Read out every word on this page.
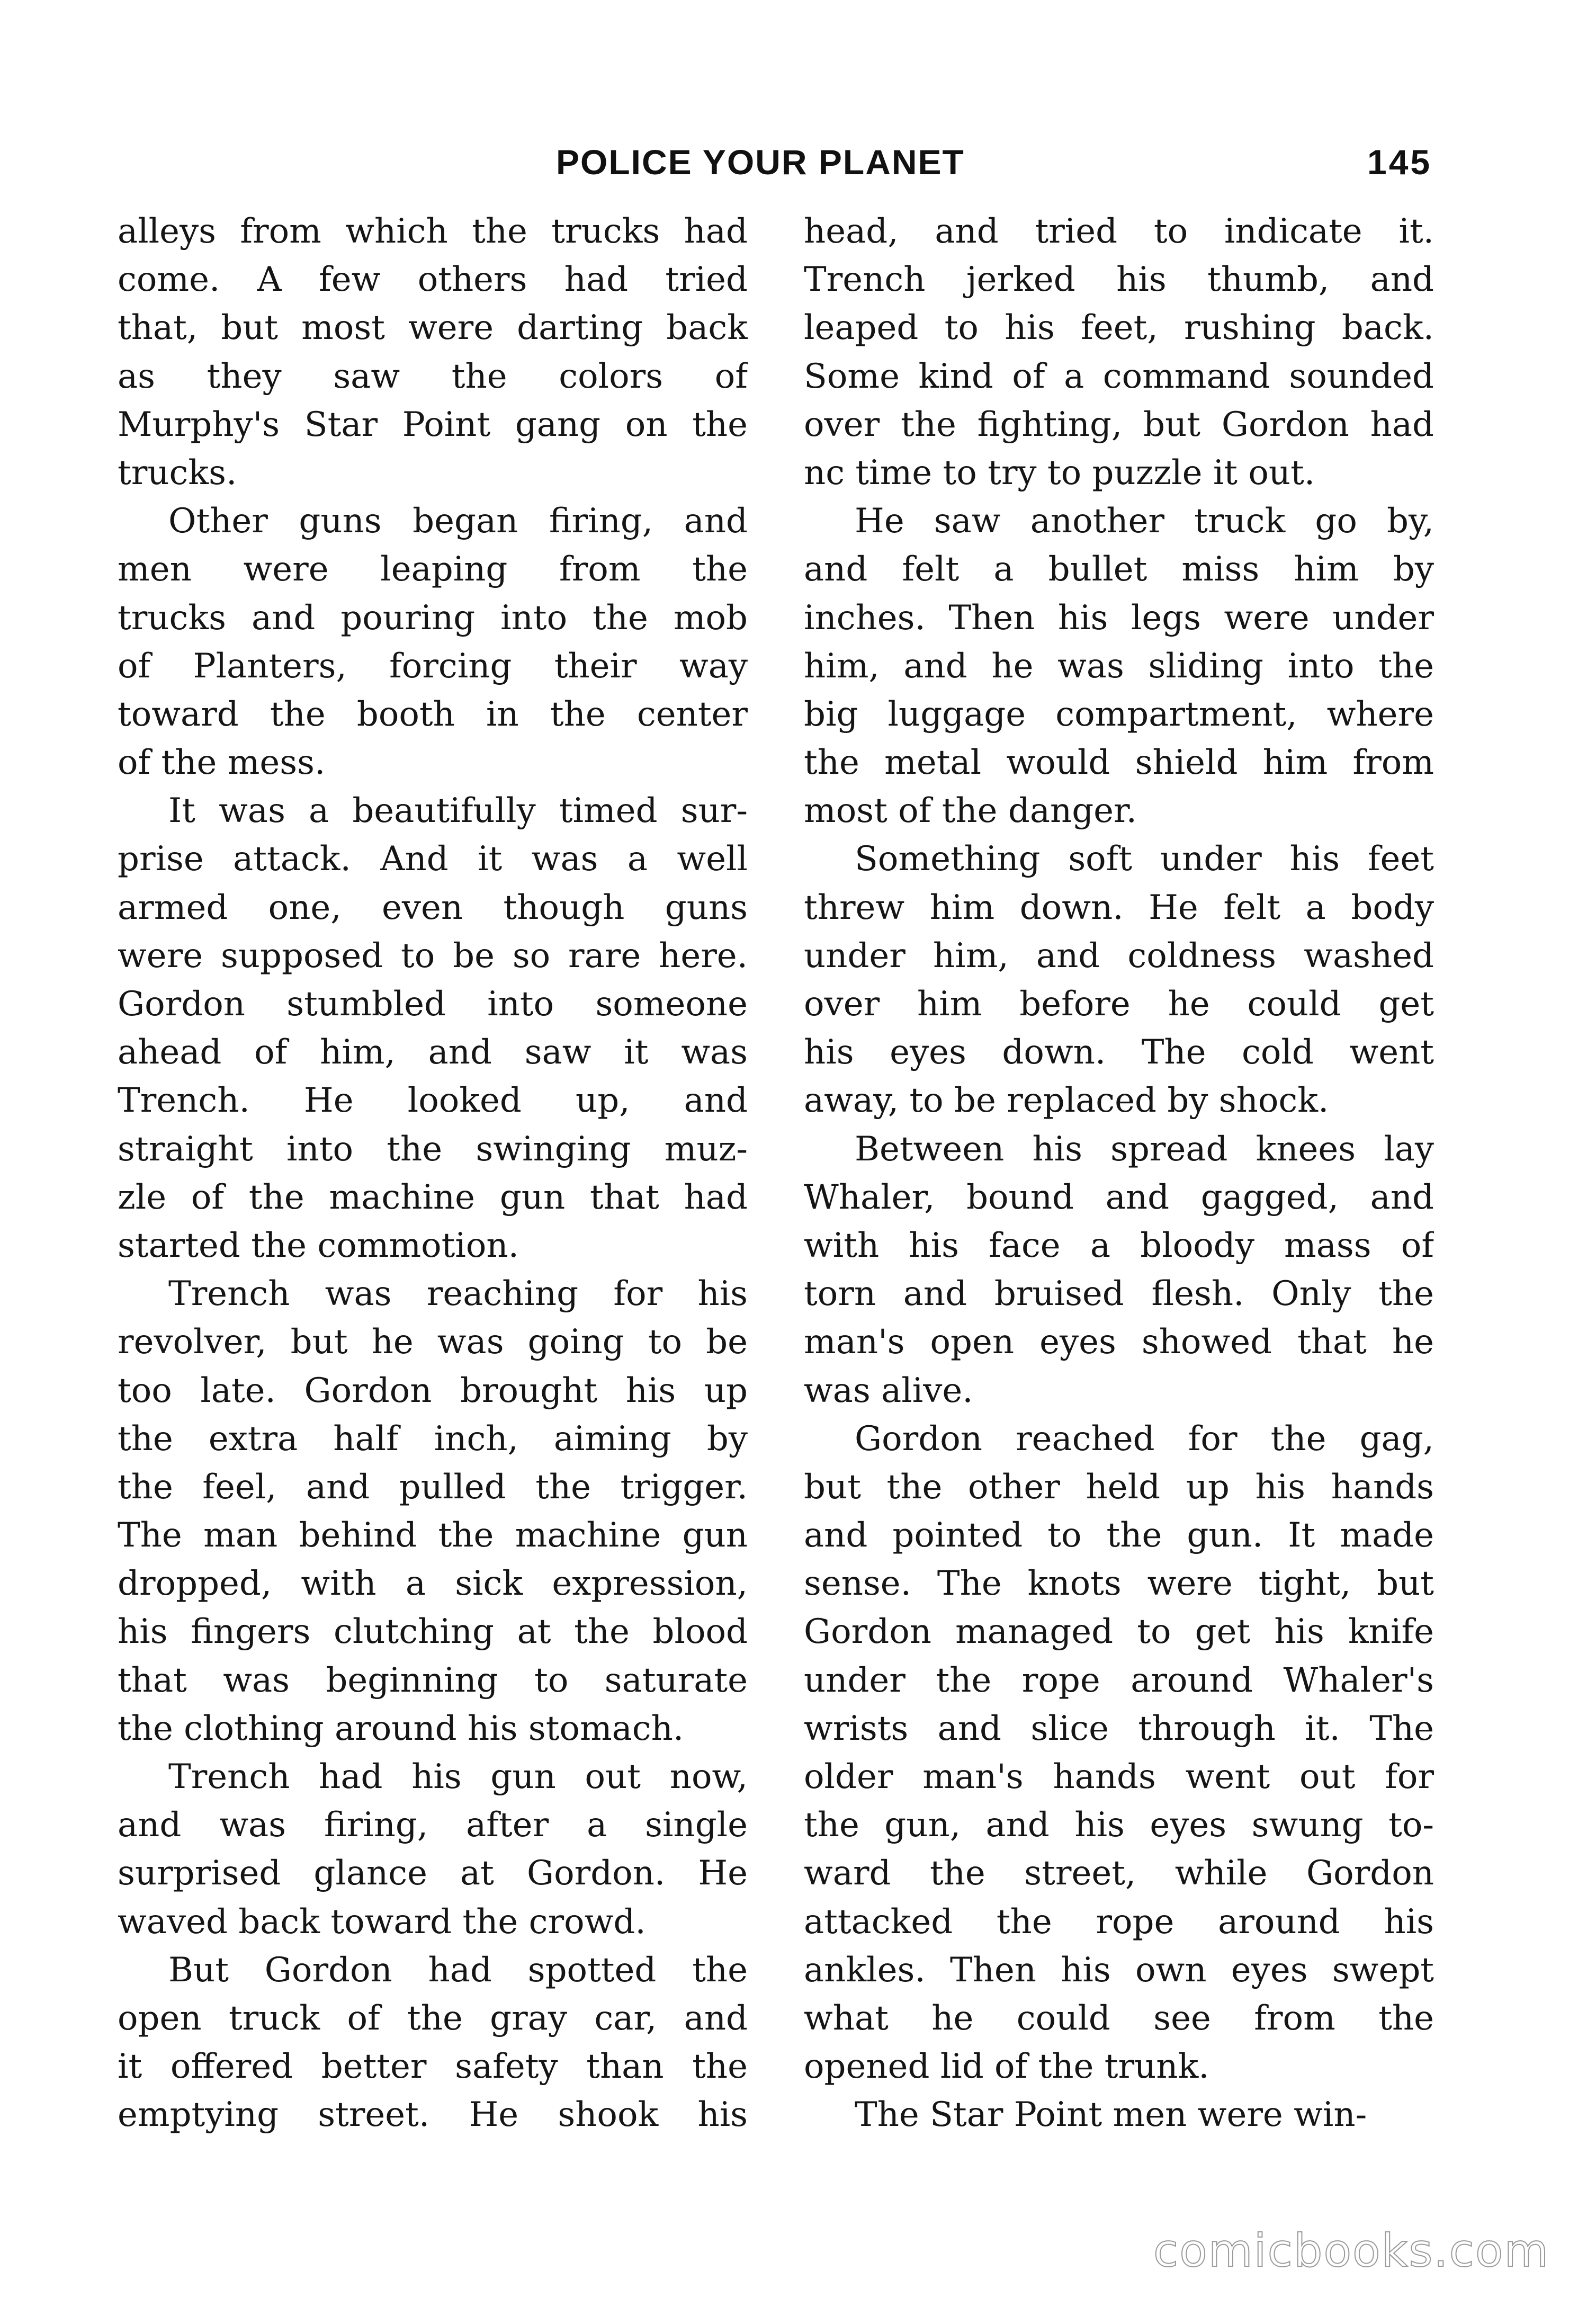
POLICE YOUR PLANET	145
alleys from which the trucks had
come. A few others had tried
that, but most were darting back
as they saw the colors of
Murphy's Star Point gang on the
trucks.
Other guns began firing, and
men were leaping from the
trucks and pouring into the mob
of Planters, forcing their way
toward the booth in the center
of the mess.
It was a beautifully timed sur-
prise attack. And it was a well
armed one, even though guns
were supposed to be so rare here.
Gordon stumbled into someone
ahead of him, and saw it was
Trench. He looked up, and
straight into the swinging muz-
zle of the machine gun that had
started the commotion.
Trench was reaching for his
revolver, but he was going to be
too late. Gordon brought his up
the extra half inch, aiming by
the feel, and pulled the trigger.
The man behind the machine gun
dropped, with a sick expression,
his fingers clutching at the blood
that was beginning to saturate
the clothing around his stomach.
Trench had his gun out now,
and was firing, after a single
surprised glance at Gordon. He
waved back toward the crowd.
But Gordon had spotted the
open truck of the gray car, and
it offered better safety than the
emptying street. He shook his
head, and tried to indicate it.
Trench jerked his thumb, and
leaped to his feet, rushing back.
Some kind of a command sounded
over the fighting, but Gordon had
nc time to try to puzzle it out.
He saw another truck go by,
and felt a bullet miss him by
inches. Then his legs were under
him, and he was sliding into the
big luggage compartment, where
the metal would shield him from
most of the danger.
Something soft under his feet
threw him down. He felt a body
under him, and coldness washed
over him before he could get
his eyes down. The cold went
away, to be replaced by shock.
Between his spread knees lay
Whaler, bound and gagged, and
with his face a bloody mass of
torn and bruised flesh. Only the
man's open eyes showed that he
was alive.
Gordon reached for the gag,
but the other held up his hands
and pointed to the gun. It made
sense. The knots were tight, but
Gordon managed to get his knife
under the rope around Whaler's
wrists and slice through it. The
older man's hands went out for
the gun, and his eyes swung to-
ward the street, while Gordon
attacked the rope around his
ankles. Then his own eyes swept
what he could see from the
opened lid of the trunk.
The Star Point men were win-
comicbooks.com
